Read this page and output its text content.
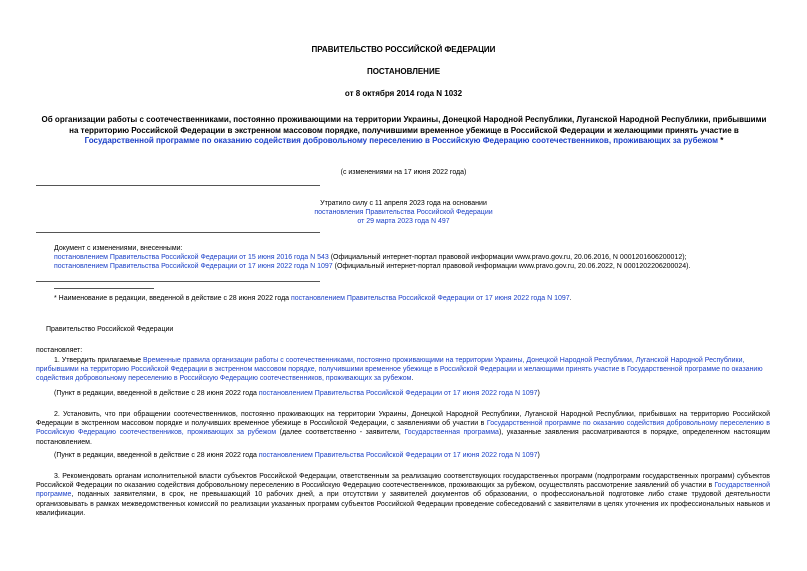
ПРАВИТЕЛЬСТВО РОССИЙСКОЙ ФЕДЕРАЦИИ
ПОСТАНОВЛЕНИЕ
от 8 октября 2014 года N 1032
Об организации работы с соотечественниками, постоянно проживающими на территории Украины, Донецкой Народной Республики, Луганской Народной Республики, прибывшими на территорию Российской Федерации в экстренном массовом порядке, получившими временное убежище в Российской Федерации и желающими принять участие в Государственной программе по оказанию содействия добровольному переселению в Российскую Федерацию соотечественников, проживающих за рубежом *
(с изменениями на 17 июня 2022 года)

Утратило силу с 11 апреля 2023 года на основании

постановления Правительства Российской Федерации

от 29 марта 2023 года N 497

Документ с изменениями, внесенными:

постановлением Правительства Российской Федерации от 15 июня 2016 года N 543 (Официальный интернет-портал правовой информации www.pravo.gov.ru, 20.06.2016, N 0001201606200012);

постановлением Правительства Российской Федерации от 17 июня 2022 года N 1097 (Официальный интернет-портал правовой информации www.pravo.gov.ru, 20.06.2022, N 0001202206200024).

* Наименование в редакции, введенной в действие с 28 июня 2022 года постановлением Правительства Российской Федерации от 17 июня 2022 года N 1097.
Правительство Российской Федерации
постановляет:
1. Утвердить прилагаемые Временные правила организации работы с соотечественниками, постоянно проживающими на территории Украины, Донецкой Народной Республики, Луганской Народной Республики, прибывшими на территорию Российской Федерации в экстренном массовом порядке, получившими временное убежище в Российской Федерации и желающими принять участие в Государственной программе по оказанию содействия добровольному переселению в Российскую Федерацию соотечественников, проживающих за рубежом.
(Пункт в редакции, введенной в действие с 28 июня 2022 года постановлением Правительства Российской Федерации от 17 июня 2022 года N 1097)
2. Установить, что при обращении соотечественников, постоянно проживающих на территории Украины, Донецкой Народной Республики, Луганской Народной Республики, прибывших на территорию Российской Федерации в экстренном массовом порядке и получивших временное убежище в Российской Федерации, с заявлениями об участии в Государственной программе по оказанию содействия добровольному переселению в Российскую Федерацию соотечественников, проживающих за рубежом (далее соответственно - заявители, Государственная программа), указанные заявления рассматриваются в порядке, определенном настоящим постановлением.
(Пункт в редакции, введенной в действие с 28 июня 2022 года постановлением Правительства Российской Федерации от 17 июня 2022 года N 1097)
3. Рекомендовать органам исполнительной власти субъектов Российской Федерации, ответственным за реализацию соответствующих государственных программ (подпрограмм государственных программ) субъектов Российской Федерации по оказанию содействия добровольному переселению в Российскую Федерацию соотечественников, проживающих за рубежом, осуществлять рассмотрение заявлений об участии в Государственной программе, поданных заявителями, в срок, не превышающий 10 рабочих дней, а при отсутствии у заявителей документов об образовании, о профессиональной подготовке либо стаже трудовой деятельности организовывать в рамках межведомственных комиссий по реализации указанных программ субъектов Российской Федерации проведение собеседований с заявителями в целях уточнения их профессиональных навыков и квалификации.
